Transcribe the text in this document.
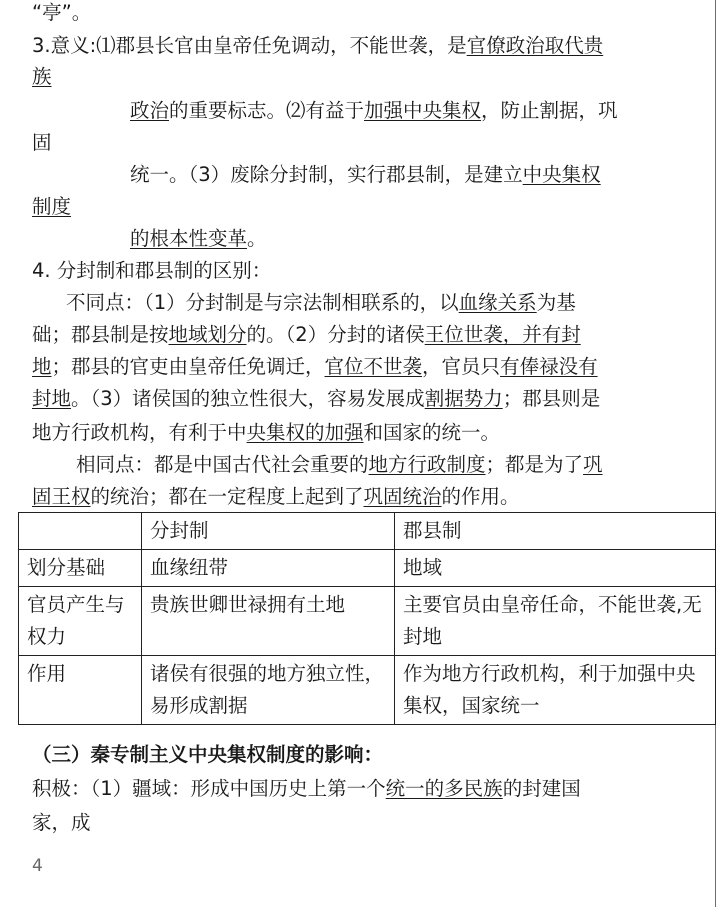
“亭”。
3.意义:⑴郡县长官由皇帝任免调动，不能世袭，是官僚政治取代贵
族
政治的重要标志。⑵有益于加强中央集权，防止割据，巩
固
统一。（3）废除分封制，实行郡县制，是建立中央集权
制度
的根本性变革。
4. 分封制和郡县制的区别：
不同点：（1）分封制是与宗法制相联系的，以血缘关系为基
础；郡县制是按地域划分的。（2）分封的诸侯王位世袭，并有封
地；郡县的官吏由皇帝任免调迁，官位不世袭，官员只有俸禄没有
封地。（3）诸侯国的独立性很大，容易发展成割据势力；郡县则是
地方行政机构，有利于中央集权的加强和国家的统一。
相同点：都是中国古代社会重要的地方行政制度；都是为了巩
固王权的统治；都在一定程度上起到了巩固统治的作用。
	分封制	郡县制
划分基础	血缘纽带	地域
官员产生与权力	贵族世卿世禄拥有土地	主要官员由皇帝任命，不能世袭,无封地
作用	诸侯有很强的地方独立性，易形成割据	作为地方行政机构，利于加强中央集权，国家统一
（三）秦专制主义中央集权制度的影响：
积极：（1）疆域：形成中国历史上第一个统一的多民族的封建国
家，成
4
